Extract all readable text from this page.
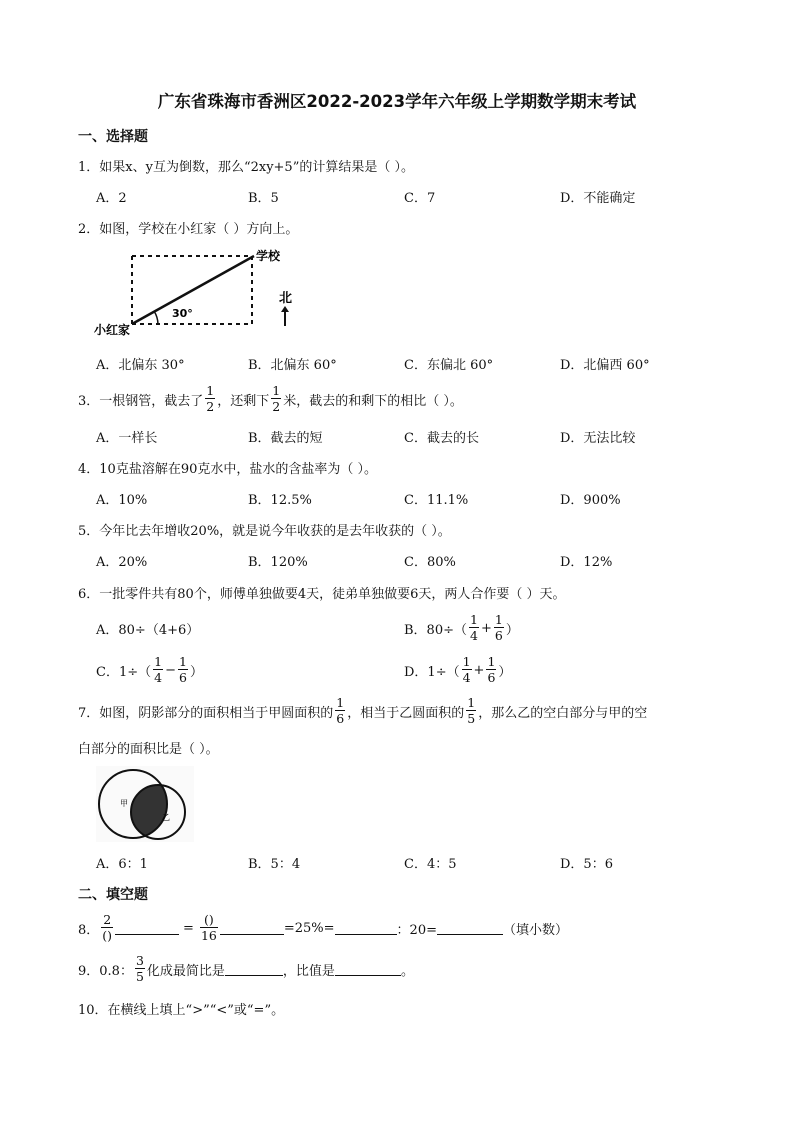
广东省珠海市香洲区2022-2023学年六年级上学期数学期末考试
一、选择题
1．如果x、y互为倒数，那么“2xy+5”的计算结果是（ ）。
A．2	B．5	C．7	D．不能确定
2．如图，学校在小红家（ ）方向上。
30°
学校
小红家
北
A．北偏东 30°	B．北偏东 60°	C．东偏北 60°	D．北偏西 60°
3．一根钢管，截去了 $\frac{1}{2}$ ，还剩下 $\frac{1}{2}$ 米，截去的和剩下的相比（ ）。
A．一样长	B．截去的短	C．截去的长	D．无法比较
4．10克盐溶解在90克水中，盐水的含盐率为（ ）。
A．10%	B．12.5%	C．11.1%	D．900%
5．今年比去年增收20%，就是说今年收获的是去年收获的（ ）。
A．20%	B．120%	C．80%	D．12%
6．一批零件共有80个，师傅单独做要4天，徒弟单独做要6天，两人合作要（ ）天。
A．80÷（4+6）	B．$80\div( \frac{1}{4} + \frac{1}{6}$ ）
C．$1\div( \frac{1}{4} - \frac{1}{6}$ ）	D．$1\div( \frac{1}{4} + \frac{1}{6}$ ）
7．如图，阴影部分的面积相当于甲圆面积的 $\frac{1}{6}$ ，相当于乙圆面积的 $\frac{1}{5}$ ，那么乙的空白部分与甲的空
白部分的面积比是（ ）。
甲
乙
A．6：1	B．5：4	C．4：5	D．5：6
二、填空题
8． $\frac{2}{()}$	= $\frac{()}{16}$	=25%=	：20=	（填小数）
9．0.8： $\frac{3}{5}$ 化成最简比是	，比值是	。
10．在横线上填上“>”“<”或“=”。
